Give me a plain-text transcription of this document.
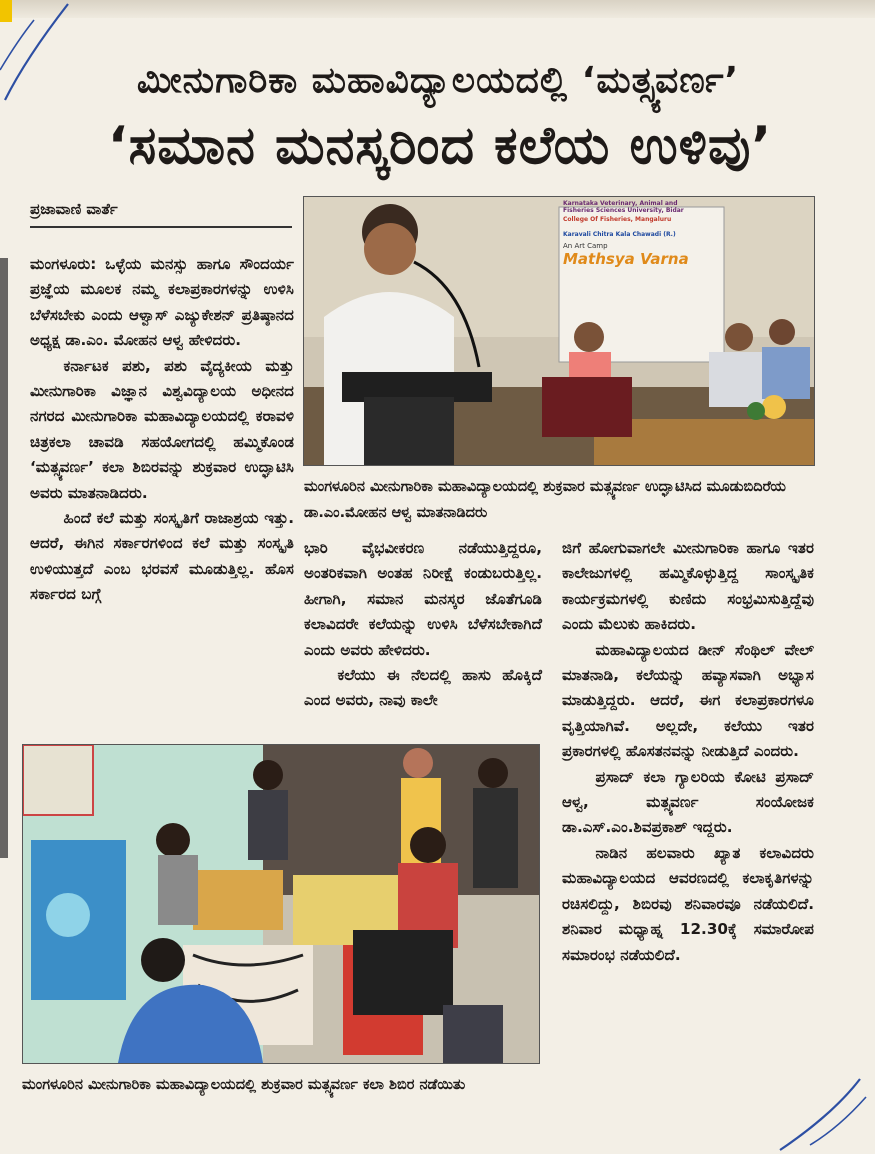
ಮೀನುಗಾರಿಕಾ ಮಹಾವಿದ್ಯಾಲಯದಲ್ಲಿ ‘ಮತ್ಸ್ಯವರ್ಣ’
‘ಸಮಾನ ಮನಸ್ಕರಿಂದ ಕಲೆಯ ಉಳಿವು’
ಪ್ರಜಾವಾಣಿ ವಾರ್ತೆ	Karnataka Veterinary, Animal and
Fisheries Sciences University, Bidar
College Of Fisheries, Mangaluru
Karavali Chitra Kala Chawadi (R.)
An Art Camp
Mathsya Varna
ಮಂಗಳೂರಿನ ಮೀನುಗಾರಿಕಾ ಮಹಾವಿದ್ಯಾಲಯದಲ್ಲಿ ಶುಕ್ರವಾರ ಮತ್ಸ್ಯವರ್ಣ ಉದ್ಘಾಟಿಸಿದ ಮೂಡುಬಿದಿರೆಯ ಡಾ.ಎಂ.ಮೋಹನ ಆಳ್ವ ಮಾತನಾಡಿದರು

ಮಂಗಳೂರು: ಒಳ್ಳೆಯ ಮನಸ್ಸು ಹಾಗೂ ಸೌಂದರ್ಯ ಪ್ರಜ್ಞೆಯ ಮೂಲಕ ನಮ್ಮ ಕಲಾಪ್ರಕಾರಗಳನ್ನು ಉಳಿಸಿ ಬೆಳೆಸಬೇಕು ಎಂದು ಆಳ್ವಾಸ್ ಎಜ್ಯುಕೇಶನ್ ಪ್ರತಿಷ್ಠಾನದ ಅಧ್ಯಕ್ಷ ಡಾ.ಎಂ. ಮೋಹನ ಆಳ್ವ ಹೇಳಿದರು.

ಕರ್ನಾಟಕ ಪಶು, ಪಶು ವೈದ್ಯಕೀಯ ಮತ್ತು ಮೀನುಗಾರಿಕಾ ವಿಜ್ಞಾನ ವಿಶ್ವವಿದ್ಯಾಲಯ ಅಧೀನದ ನಗರದ ಮೀನುಗಾರಿಕಾ ಮಹಾವಿದ್ಯಾಲಯದಲ್ಲಿ ಕರಾವಳಿ ಚಿತ್ರಕಲಾ ಚಾವಡಿ ಸಹಯೋಗದಲ್ಲಿ ಹಮ್ಮಿಕೊಂಡ ‘ಮತ್ಸ್ಯವರ್ಣ’ ಕಲಾ ಶಿಬಿರವನ್ನು ಶುಕ್ರವಾರ ಉದ್ಘಾಟಿಸಿ ಅವರು ಮಾತನಾಡಿದರು.

ಹಿಂದೆ ಕಲೆ ಮತ್ತು ಸಂಸ್ಕೃತಿಗೆ ರಾಜಾಶ್ರಯ ಇತ್ತು. ಆದರೆ, ಈಗಿನ ಸರ್ಕಾರಗಳಿಂದ ಕಲೆ ಮತ್ತು ಸಂಸ್ಕೃತಿ ಉಳಿಯುತ್ತದೆ ಎಂಬ ಭರವಸೆ ಮೂಡುತ್ತಿಲ್ಲ. ಹೊಸ ಸರ್ಕಾರದ ಬಗ್ಗೆ

ಭಾರಿ ವೈಭವೀಕರಣ ನಡೆಯುತ್ತಿದ್ದರೂ, ಅಂತರಿಕವಾಗಿ ಅಂತಹ ನಿರೀಕ್ಷೆ ಕಂಡುಬರುತ್ತಿಲ್ಲ. ಹೀಗಾಗಿ, ಸಮಾನ ಮನಸ್ಕರ ಜೊತೆಗೂಡಿ ಕಲಾವಿದರೇ ಕಲೆಯನ್ನು ಉಳಿಸಿ ಬೆಳೆಸಬೇಕಾಗಿದೆ ಎಂದು ಅವರು ಹೇಳಿದರು.

ಕಲೆಯು ಈ ನೆಲದಲ್ಲಿ ಹಾಸು ಹೊಕ್ಕಿದೆ ಎಂದ ಅವರು, ನಾವು ಕಾಲೇ

ಜಿಗೆ ಹೋಗುವಾಗಲೇ ಮೀನುಗಾರಿಕಾ ಹಾಗೂ ಇತರ ಕಾಲೇಜುಗಳಲ್ಲಿ ಹಮ್ಮಿಕೊಳ್ಳುತ್ತಿದ್ದ ಸಾಂಸ್ಕೃತಿಕ ಕಾರ್ಯಕ್ರಮಗಳಲ್ಲಿ ಕುಣಿದು ಸಂಭ್ರಮಿಸುತ್ತಿದ್ದೆವು ಎಂದು ಮೆಲುಕು ಹಾಕಿದರು.

ಮಹಾವಿದ್ಯಾಲಯದ ಡೀನ್ ಸೆಂಥಿಲ್ ವೇಲ್ ಮಾತನಾಡಿ, ಕಲೆಯನ್ನು ಹವ್ಯಾಸವಾಗಿ ಅಭ್ಯಾಸ ಮಾಡುತ್ತಿದ್ದರು. ಆದರೆ, ಈಗ ಕಲಾಪ್ರಕಾರಗಳೂ ವೃತ್ತಿಯಾಗಿವೆ. ಅಲ್ಲದೇ, ಕಲೆಯು ಇತರ ಪ್ರಕಾರಗಳಲ್ಲಿ ಹೊಸತನವನ್ನು ನೀಡುತ್ತಿದೆ ಎಂದರು.

ಪ್ರಸಾದ್ ಕಲಾ ಗ್ಯಾಲರಿಯ ಕೋಟಿ ಪ್ರಸಾದ್ ಆಳ್ವ, ಮತ್ಸ್ಯವರ್ಣ ಸಂಯೋಜಕ ಡಾ.ಎಸ್.ಎಂ.ಶಿವಪ್ರಕಾಶ್ ಇದ್ದರು.

ನಾಡಿನ ಹಲವಾರು ಖ್ಯಾತ ಕಲಾವಿದರು ಮಹಾವಿದ್ಯಾಲಯದ ಆವರಣದಲ್ಲಿ ಕಲಾಕೃತಿಗಳನ್ನು ರಚಿಸಲಿದ್ದು, ಶಿಬಿರವು ಶನಿವಾರವೂ ನಡೆಯಲಿದೆ. ಶನಿವಾರ ಮಧ್ಯಾಹ್ನ 12.30ಕ್ಕೆ ಸಮಾರೋಪ ಸಮಾರಂಭ ನಡೆಯಲಿದೆ.

ಮಂಗಳೂರಿನ ಮೀನುಗಾರಿಕಾ ಮಹಾವಿದ್ಯಾಲಯದಲ್ಲಿ ಶುಕ್ರವಾರ ಮತ್ಸ್ಯವರ್ಣ ಕಲಾ ಶಿಬಿರ ನಡೆಯಿತು
